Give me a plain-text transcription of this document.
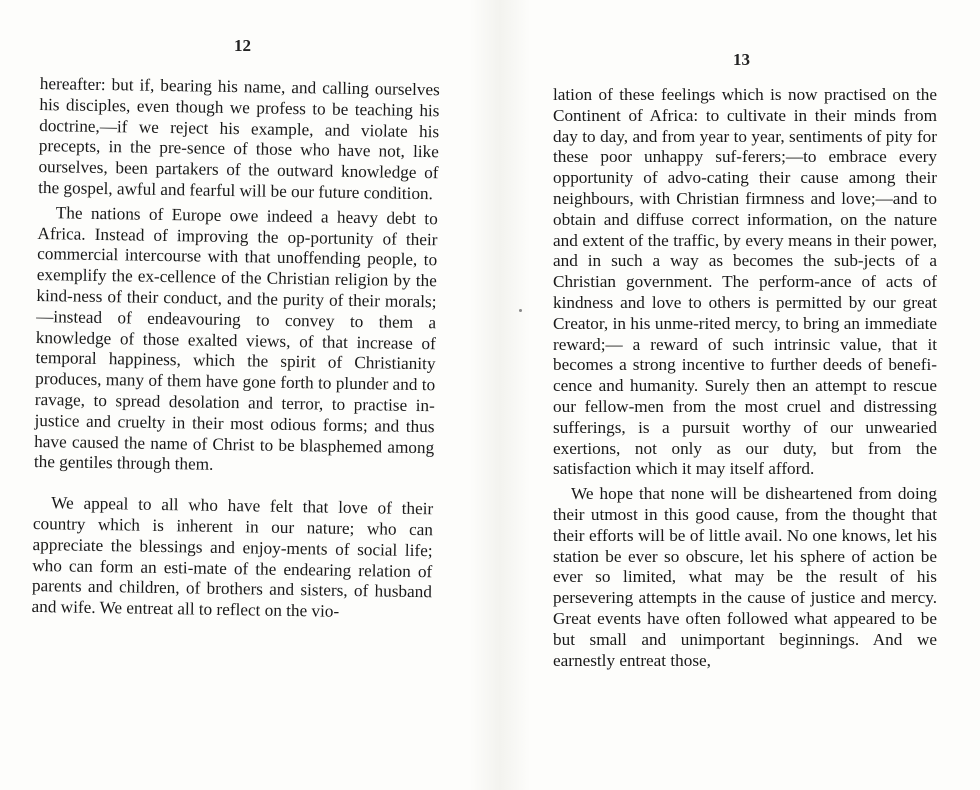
12

hereafter: but if, bearing his name, and calling ourselves his disciples, even though we profess to be teaching his doctrine,—if we reject his example, and violate his precepts, in the pre-sence of those who have not, like ourselves, been partakers of the outward knowledge of the gospel, awful and fearful will be our future condition.

The nations of Europe owe indeed a heavy debt to Africa. Instead of improving the op-portunity of their commercial intercourse with that unoffending people, to exemplify the ex-cellence of the Christian religion by the kind-ness of their conduct, and the purity of their morals;—instead of endeavouring to convey to them a knowledge of those exalted views, of that increase of temporal happiness, which the spirit of Christianity produces, many of them have gone forth to plunder and to ravage, to spread desolation and terror, to practise in-justice and cruelty in their most odious forms; and thus have caused the name of Christ to be blasphemed among the gentiles through them.

We appeal to all who have felt that love of their country which is inherent in our nature; who can appreciate the blessings and enjoy-ments of social life; who can form an esti-mate of the endearing relation of parents and children, of brothers and sisters, of husband and wife. We entreat all to reflect on the vio-

13

lation of these feelings which is now practised on the Continent of Africa: to cultivate in their minds from day to day, and from year to year, sentiments of pity for these poor unhappy suf-ferers;—to embrace every opportunity of advo-cating their cause among their neighbours, with Christian firmness and love;—and to obtain and diffuse correct information, on the nature and extent of the traffic, by every means in their power, and in such a way as becomes the sub-jects of a Christian government. The perform-ance of acts of kindness and love to others is permitted by our great Creator, in his unme-rited mercy, to bring an immediate reward;— a reward of such intrinsic value, that it becomes a strong incentive to further deeds of benefi-cence and humanity. Surely then an attempt to rescue our fellow-men from the most cruel and distressing sufferings, is a pursuit worthy of our unwearied exertions, not only as our duty, but from the satisfaction which it may itself afford.

We hope that none will be disheartened from doing their utmost in this good cause, from the thought that their efforts will be of little avail. No one knows, let his station be ever so obscure, let his sphere of action be ever so limited, what may be the result of his persevering attempts in the cause of justice and mercy. Great events have often followed what appeared to be but small and unimportant beginnings. And we earnestly entreat those,
